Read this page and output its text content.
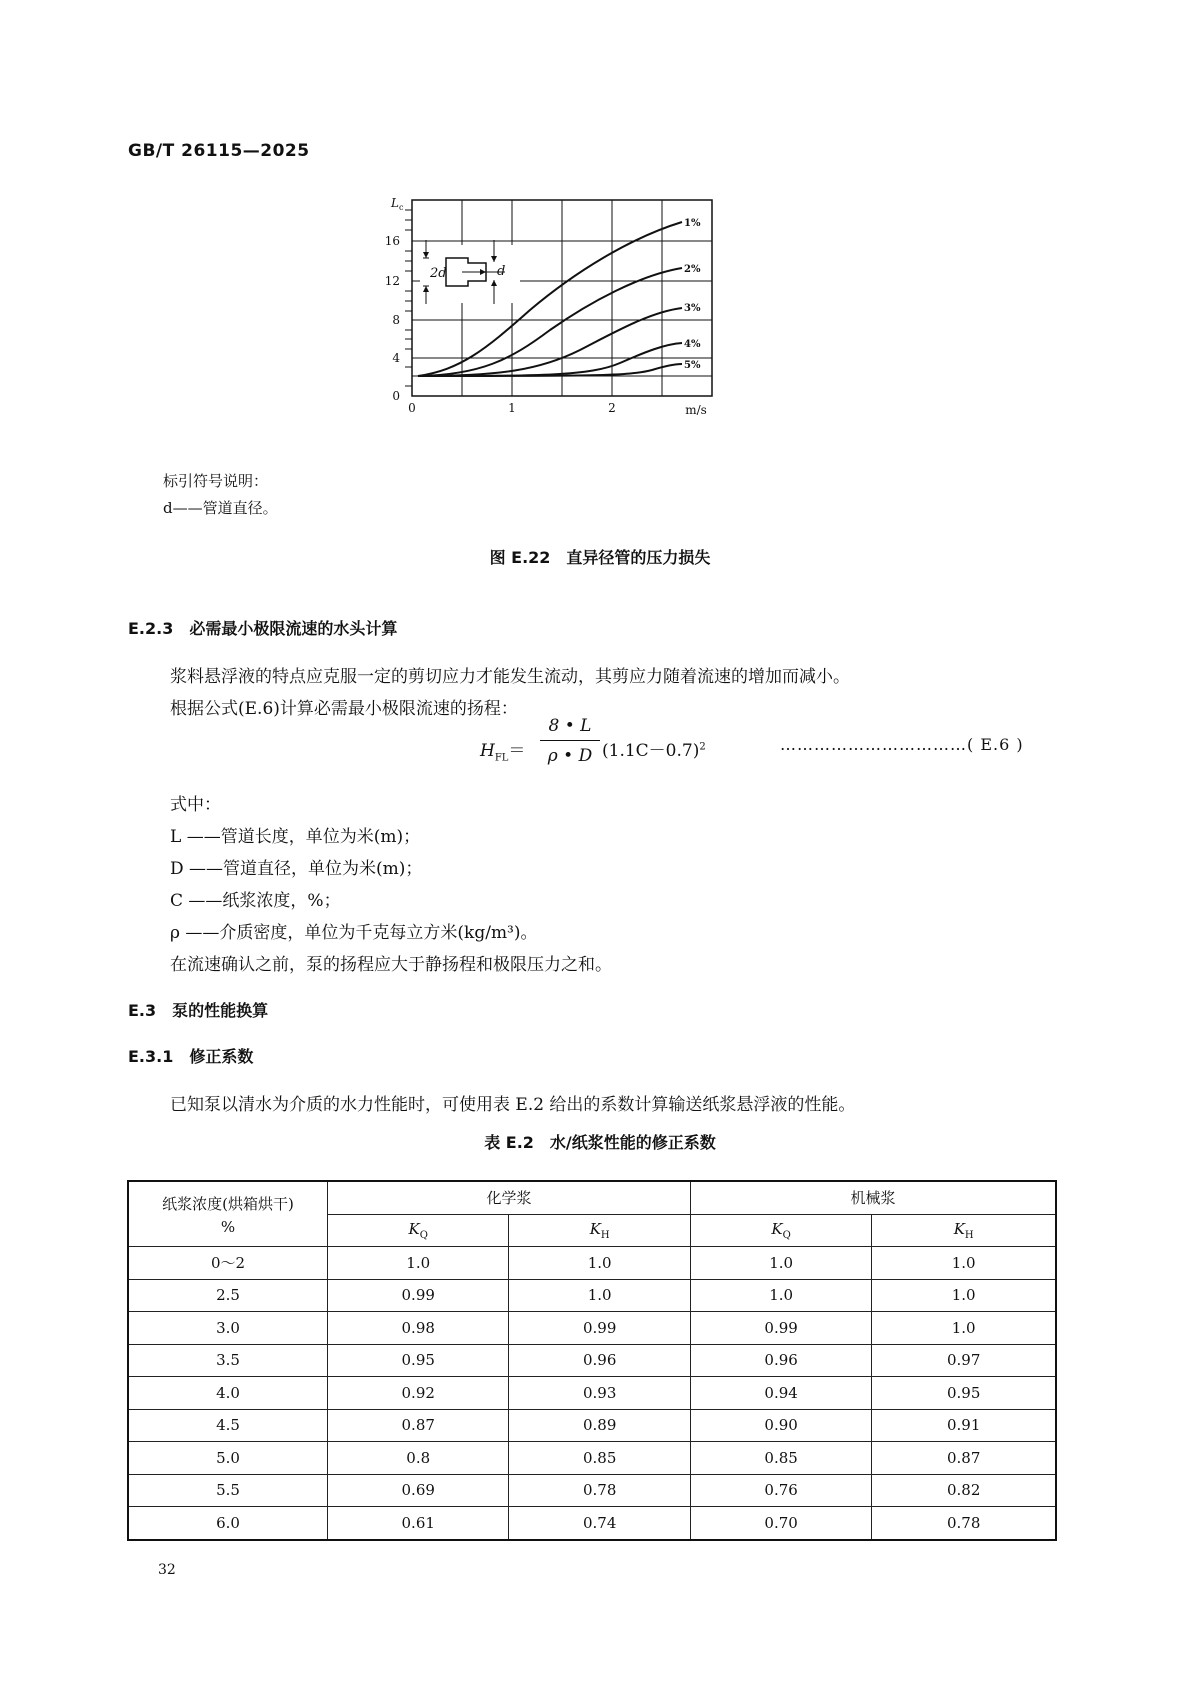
GB/T 26115—2025
1%
2%
3%
4%
5%
L c
16
12
8
4
0
0	1	2	m/s
2d	d
标引符号说明：
d——管道直径。
图 E.22　直异径管的压力损失
E.2.3　必需最小极限流速的水头计算
浆料悬浮液的特点应克服一定的剪切应力才能发生流动，其剪应力随着流速的增加而减小。
根据公式(E.6)计算必需最小极限流速的扬程：
$H_{FL}=$
8 • L
ρ • D $(1.1C-0.7)^2$	……………………………( E.6 )
式中：
L ——管道长度，单位为米(m)；
D ——管道直径，单位为米(m)；
C ——纸浆浓度，%；
ρ ——介质密度，单位为千克每立方米(kg/m³)。
在流速确认之前，泵的扬程应大于静扬程和极限压力之和。
E.3　泵的性能换算
E.3.1　修正系数
已知泵以清水为介质的水力性能时，可使用表 E.2 给出的系数计算输送纸浆悬浮液的性能。
表 E.2　水/纸浆性能的修正系数
纸浆浓度(烘箱烘干)
%	化学浆		机械浆	
	$K_Q$	$K_H$	$K_Q$	$K_H$
0～2	1.0	1.0	1.0	1.0
2.5	0.99	1.0	1.0	1.0
3.0	0.98	0.99	0.99	1.0
3.5	0.95	0.96	0.96	0.97
4.0	0.92	0.93	0.94	0.95
4.5	0.87	0.89	0.90	0.91
5.0	0.8	0.85	0.85	0.87
5.5	0.69	0.78	0.76	0.82
6.0	0.61	0.74	0.70	0.78
32
